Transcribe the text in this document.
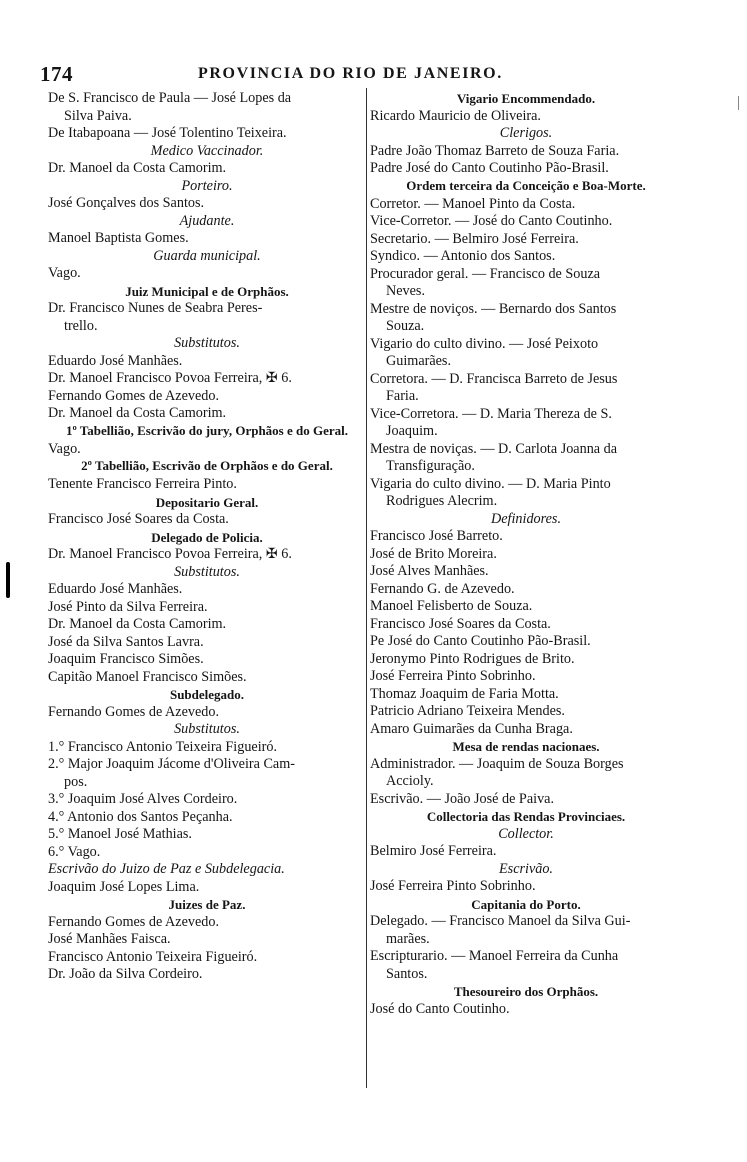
174	PROVINCIA DO RIO DE JANEIRO.
De S. Francisco de Paula — José Lopes da
Silva Paiva.
De Itabapoana — José Tolentino Teixeira.
Medico Vaccinador.
Dr. Manoel da Costa Camorim.
Porteiro.
José Gonçalves dos Santos.
Ajudante.
Manoel Baptista Gomes.
Guarda municipal.
Vago.
Juiz Municipal e de Orphãos.
Dr. Francisco Nunes de Seabra Peres-
trello.
Substitutos.
Eduardo José Manhães.
Dr. Manoel Francisco Povoa Ferreira, ✠ 6.
Fernando Gomes de Azevedo.
Dr. Manoel da Costa Camorim.
1º Tabellião, Escrivão do jury, Orphãos e do Geral.
Vago.
2º Tabellião, Escrivão de Orphãos e do Geral.
Tenente Francisco Ferreira Pinto.
Depositario Geral.
Francisco José Soares da Costa.
Delegado de Policia.
Dr. Manoel Francisco Povoa Ferreira, ✠ 6.
Substitutos.
Eduardo José Manhães.
José Pinto da Silva Ferreira.
Dr. Manoel da Costa Camorim.
José da Silva Santos Lavra.
Joaquim Francisco Simões.
Capitão Manoel Francisco Simões.
Subdelegado.
Fernando Gomes de Azevedo.
Substitutos.
1.° Francisco Antonio Teixeira Figueiró.
2.° Major Joaquim Jácome d'Oliveira Cam-
pos.
3.° Joaquim José Alves Cordeiro.
4.° Antonio dos Santos Peçanha.
5.° Manoel José Mathias.
6.° Vago.
Escrivão do Juizo de Paz e Subdelegacia.
Joaquim José Lopes Lima.
Juizes de Paz.
Fernando Gomes de Azevedo.
José Manhães Faisca.
Francisco Antonio Teixeira Figueiró.
Dr. João da Silva Cordeiro.
Vigario Encommendado.
Ricardo Mauricio de Oliveira.
Clerigos.
Padre João Thomaz Barreto de Souza Faria.
Padre José do Canto Coutinho Pão-Brasil.
Ordem terceira da Conceição e Boa-Morte.
Corretor. — Manoel Pinto da Costa.
Vice-Corretor. — José do Canto Coutinho.
Secretario. — Belmiro José Ferreira.
Syndico. — Antonio dos Santos.
Procurador geral. — Francisco de Souza
Neves.
Mestre de noviços. — Bernardo dos Santos
Souza.
Vigario do culto divino. — José Peixoto
Guimarães.
Corretora. — D. Francisca Barreto de Jesus
Faria.
Vice-Corretora. — D. Maria Thereza de S.
Joaquim.
Mestra de noviças. — D. Carlota Joanna da
Transfiguração.
Vigaria do culto divino. — D. Maria Pinto
Rodrigues Alecrim.
Definidores.
Francisco José Barreto.
José de Brito Moreira.
José Alves Manhães.
Fernando G. de Azevedo.
Manoel Felisberto de Souza.
Francisco José Soares da Costa.
Pe José do Canto Coutinho Pão-Brasil.
Jeronymo Pinto Rodrigues de Brito.
José Ferreira Pinto Sobrinho.
Thomaz Joaquim de Faria Motta.
Patricio Adriano Teixeira Mendes.
Amaro Guimarães da Cunha Braga.
Mesa de rendas nacionaes.
Administrador. — Joaquim de Souza Borges
Accioly.
Escrivão. — João José de Paiva.
Collectoria das Rendas Provinciaes.
Collector.
Belmiro José Ferreira.
Escrivão.
José Ferreira Pinto Sobrinho.
Capitania do Porto.
Delegado. — Francisco Manoel da Silva Gui-
marães.
Escripturario. — Manoel Ferreira da Cunha
Santos.
Thesoureiro dos Orphãos.
José do Canto Coutinho.
